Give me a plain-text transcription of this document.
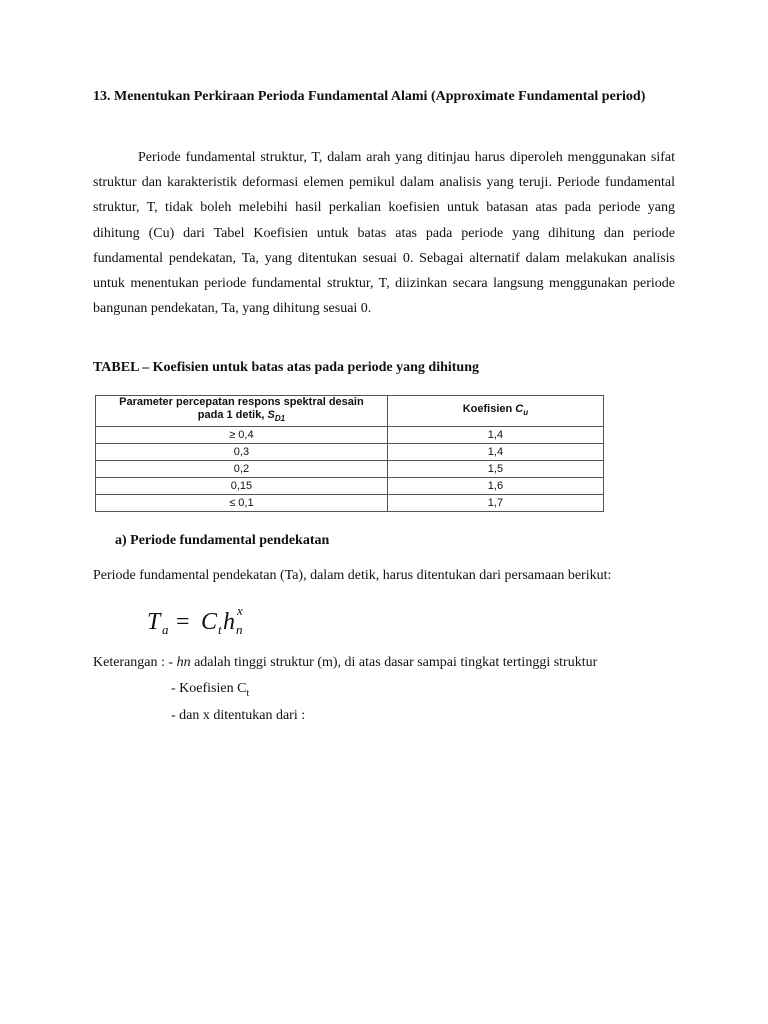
13. Menentukan Perkiraan Perioda Fundamental Alami (Approximate Fundamental period)
Periode fundamental struktur, T, dalam arah yang ditinjau harus diperoleh menggunakan sifat struktur dan karakteristik deformasi elemen pemikul dalam analisis yang teruji. Periode fundamental struktur, T, tidak boleh melebihi hasil perkalian koefisien untuk batasan atas pada periode yang dihitung (Cu) dari Tabel Koefisien untuk batas atas pada periode yang dihitung dan periode fundamental pendekatan, Ta, yang ditentukan sesuai 0. Sebagai alternatif dalam melakukan analisis untuk menentukan periode fundamental struktur, T, diizinkan secara langsung menggunakan periode bangunan pendekatan, Ta, yang dihitung sesuai 0.
TABEL – Koefisien untuk batas atas pada periode yang dihitung
Parameter percepatan respons spektral desain
pada 1 detik, $S_{D1}$	Koefisien $C_u$
≥ 0,4	1,4
0,3	1,4
0,2	1,5
0,15	1,6
≤ 0,1	1,7
a) Periode fundamental pendekatan
Periode fundamental pendekatan (Ta), dalam detik, harus ditentukan dari persamaan berikut:
T a = C t h n
x
Keterangan : - hn adalah tinggi struktur (m), di atas dasar sampai tingkat tertinggi struktur
- Koefisien $C_t$
- dan x ditentukan dari :
